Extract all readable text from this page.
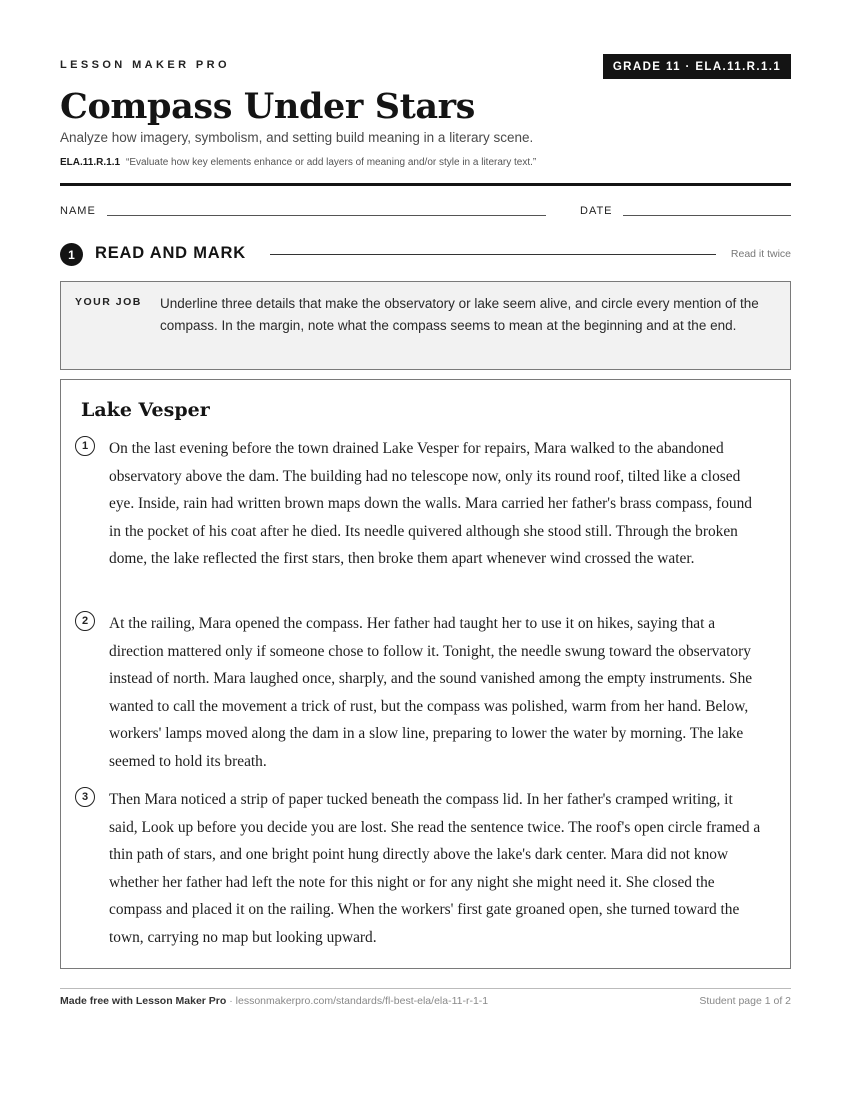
LESSON MAKER PRO	GRADE 11 · ELA.11.R.1.1
Compass Under Stars
Analyze how imagery, symbolism, and setting build meaning in a literary scene.
ELA.11.R.1.1 “Evaluate how key elements enhance or add layers of meaning and/or style in a literary text.”
NAME	DATE
1	READ AND MARK	Read it twice
YOUR JOB Underline three details that make the observatory or lake seem alive, and circle every mention of the compass. In the margin, note what the compass seems to mean at the beginning and at the end.
Lake Vesper
1	On the last evening before the town drained Lake Vesper for repairs, Mara walked to the abandoned observatory above the dam. The building had no telescope now, only its round roof, tilted like a closed eye. Inside, rain had written brown maps down the walls. Mara carried her father's brass compass, found in the pocket of his coat after he died. Its needle quivered although she stood still. Through the broken dome, the lake reflected the first stars, then broke them apart whenever wind crossed the water.
2	At the railing, Mara opened the compass. Her father had taught her to use it on hikes, saying that a direction mattered only if someone chose to follow it. Tonight, the needle swung toward the observatory instead of north. Mara laughed once, sharply, and the sound vanished among the empty instruments. She wanted to call the movement a trick of rust, but the compass was polished, warm from her hand. Below, workers' lamps moved along the dam in a slow line, preparing to lower the water by morning. The lake seemed to hold its breath.
3	Then Mara noticed a strip of paper tucked beneath the compass lid. In her father's cramped writing, it said, Look up before you decide you are lost. She read the sentence twice. The roof's open circle framed a thin path of stars, and one bright point hung directly above the lake's dark center. Mara did not know whether her father had left the note for this night or for any night she might need it. She closed the compass and placed it on the railing. When the workers' first gate groaned open, she turned toward the town, carrying no map but looking upward.
Made free with Lesson Maker Pro · lessonmakerpro.com/standards/fl-best-ela/ela-11-r-1-1	Student page 1 of 2
